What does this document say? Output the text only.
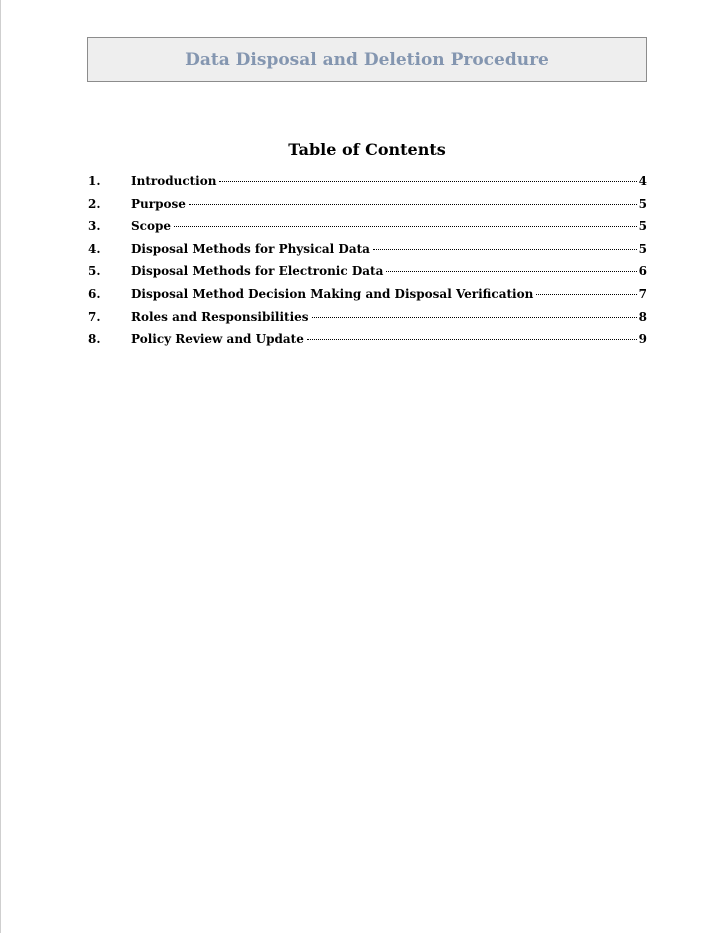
Data Disposal and Deletion Procedure
Table of Contents
1.	Introduction	4
2.	Purpose	5
3.	Scope	5
4.	Disposal Methods for Physical Data	5
5.	Disposal Methods for Electronic Data	6
6.	Disposal Method Decision Making and Disposal Verification	7
7.	Roles and Responsibilities	8
8.	Policy Review and Update	9
